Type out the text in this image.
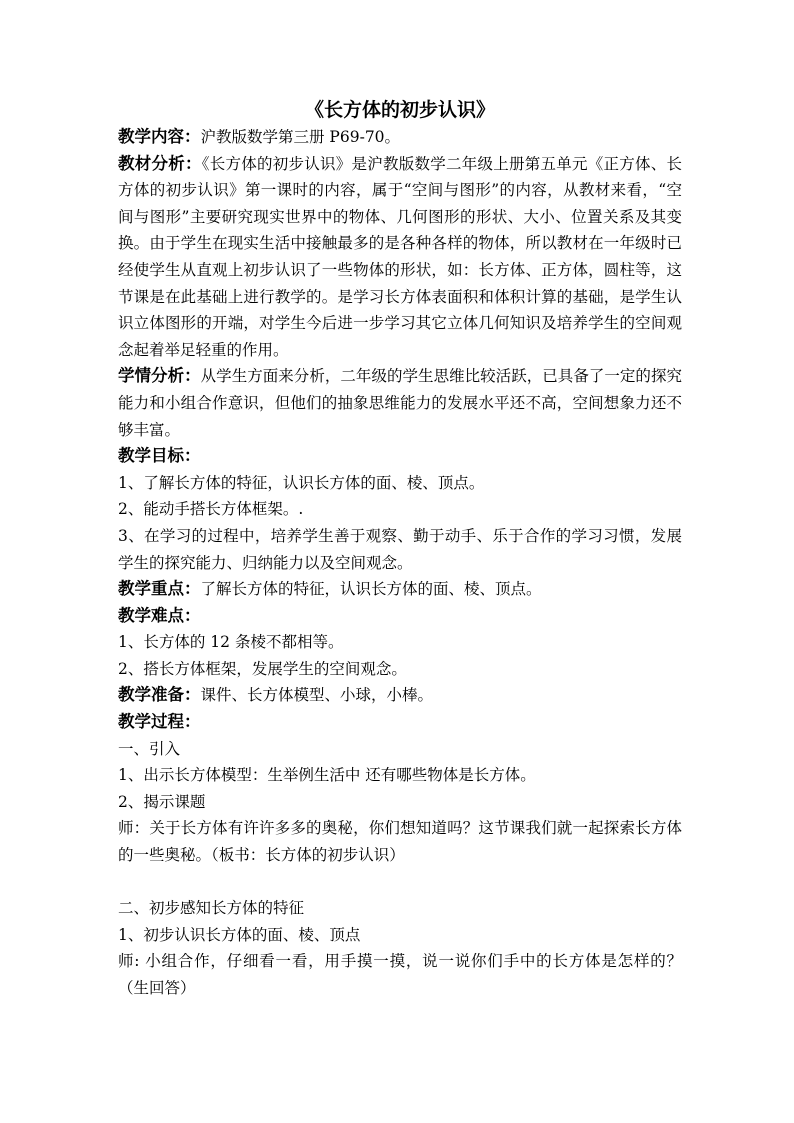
《长方体的初步认识》

教学内容：沪教版数学第三册 P69-70。

教材分析：《长方体的初步认识》是沪教版数学二年级上册第五单元《正方体、长方体的初步认识》第一课时的内容，属于“空间与图形”的内容，从教材来看，“空间与图形”主要研究现实世界中的物体、几何图形的形状、大小、位置关系及其变换。由于学生在现实生活中接触最多的是各种各样的物体，所以教材在一年级时已经使学生从直观上初步认识了一些物体的形状，如：长方体、正方体，圆柱等，这节课是在此基础上进行教学的。是学习长方体表面积和体积计算的基础，是学生认识立体图形的开端，对学生今后进一步学习其它立体几何知识及培养学生的空间观念起着举足轻重的作用。

学情分析：从学生方面来分析，二年级的学生思维比较活跃，已具备了一定的探究能力和小组合作意识，但他们的抽象思维能力的发展水平还不高，空间想象力还不够丰富。

教学目标：

1、了解长方体的特征，认识长方体的面、棱、顶点。

2、能动手搭长方体框架。.

3、在学习的过程中，培养学生善于观察、勤于动手、乐于合作的学习习惯，发展学生的探究能力、归纳能力以及空间观念。

教学重点：了解长方体的特征，认识长方体的面、棱、顶点。

教学难点：

1、长方体的 12 条棱不都相等。

2、搭长方体框架，发展学生的空间观念。

教学准备：课件、长方体模型、小球，小棒。

教学过程：

一、引入

1、出示长方体模型：生举例生活中 还有哪些物体是长方体。

2、揭示课题

师：关于长方体有许许多多的奥秘，你们想知道吗？这节课我们就一起探索长方体的一些奥秘。（板书：长方体的初步认识）

二、初步感知长方体的特征

1、初步认识长方体的面、棱、顶点

师: 小组合作，仔细看一看，用手摸一摸，说一说你们手中的长方体是怎样的？（生回答）
